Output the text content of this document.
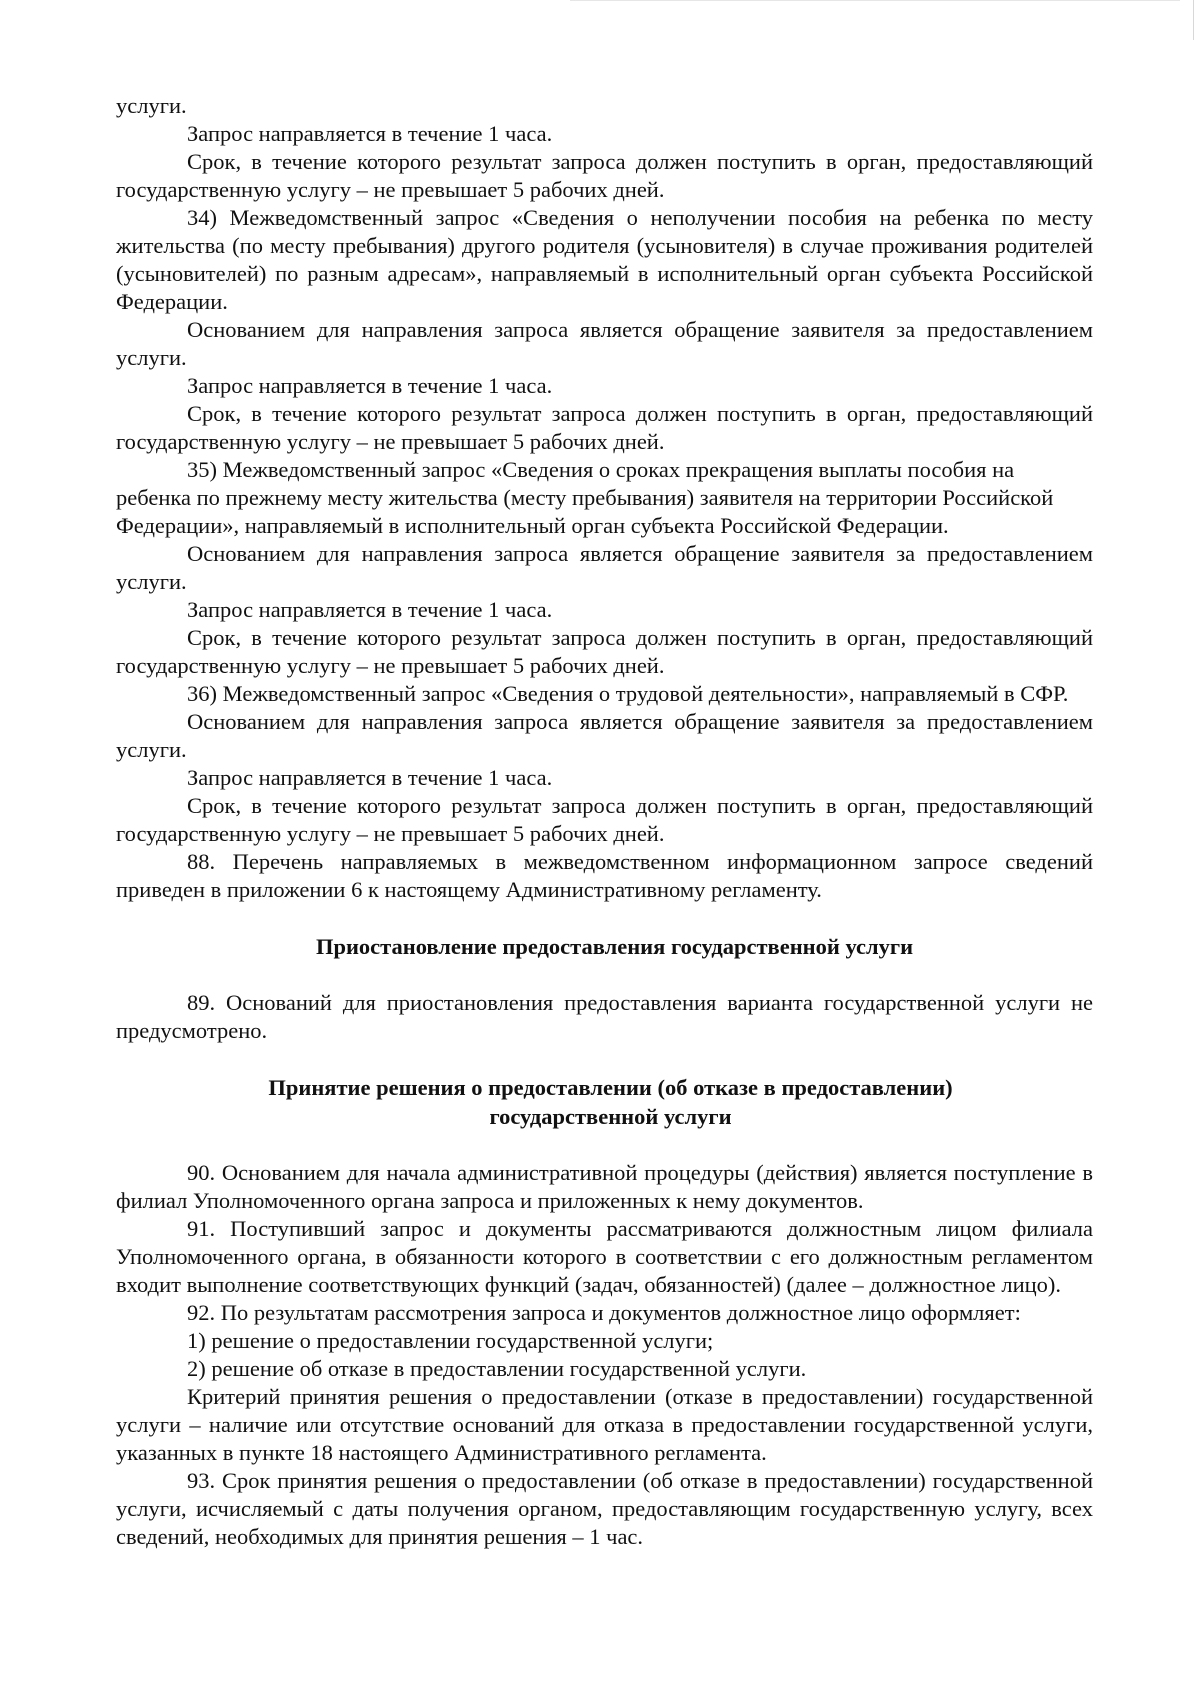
услуги.

Запрос направляется в течение 1 часа.

Срок, в течение которого результат запроса должен поступить в орган, предоставляющий государственную услугу – не превышает 5 рабочих дней.

34) Межведомственный запрос «Сведения о неполучении пособия на ребенка по месту жительства (по месту пребывания) другого родителя (усыновителя) в случае проживания родителей (усыновителей) по разным адресам», направляемый в исполнительный орган субъекта Российской Федерации.

Основанием для направления запроса является обращение заявителя за предоставлением услуги.

Запрос направляется в течение 1 часа.

Срок, в течение которого результат запроса должен поступить в орган, предоставляющий государственную услугу – не превышает 5 рабочих дней.

35) Межведомственный запрос «Сведения о сроках прекращения выплаты пособия на ребенка по прежнему месту жительства (месту пребывания) заявителя на территории Российской Федерации», направляемый в исполнительный орган субъекта Российской Федерации.

Основанием для направления запроса является обращение заявителя за предоставлением услуги.

Запрос направляется в течение 1 часа.

Срок, в течение которого результат запроса должен поступить в орган, предоставляющий государственную услугу – не превышает 5 рабочих дней.

36) Межведомственный запрос «Сведения о трудовой деятельности», направляемый в СФР.

Основанием для направления запроса является обращение заявителя за предоставлением услуги.

Запрос направляется в течение 1 часа.

Срок, в течение которого результат запроса должен поступить в орган, предоставляющий государственную услугу – не превышает 5 рабочих дней.

88. Перечень направляемых в межведомственном информационном запросе сведений приведен в приложении 6 к настоящему Административному регламенту.

Приостановление предоставления государственной услуги

89. Оснований для приостановления предоставления варианта государственной услуги не предусмотрено.

Принятие решения о предоставлении (об отказе в предоставлении)
государственной услуги

90. Основанием для начала административной процедуры (действия) является поступление в филиал Уполномоченного органа запроса и приложенных к нему документов.

91. Поступивший запрос и документы рассматриваются должностным лицом филиала Уполномоченного органа, в обязанности которого в соответствии с его должностным регламентом входит выполнение соответствующих функций (задач, обязанностей) (далее – должностное лицо).

92. По результатам рассмотрения запроса и документов должностное лицо оформляет:

1) решение о предоставлении государственной услуги;

2) решение об отказе в предоставлении государственной услуги.

Критерий принятия решения о предоставлении (отказе в предоставлении) государственной услуги – наличие или отсутствие оснований для отказа в предоставлении государственной услуги, указанных в пункте 18 настоящего Административного регламента.

93. Срок принятия решения о предоставлении (об отказе в предоставлении) государственной услуги, исчисляемый с даты получения органом, предоставляющим государственную услугу, всех сведений, необходимых для принятия решения – 1 час.
